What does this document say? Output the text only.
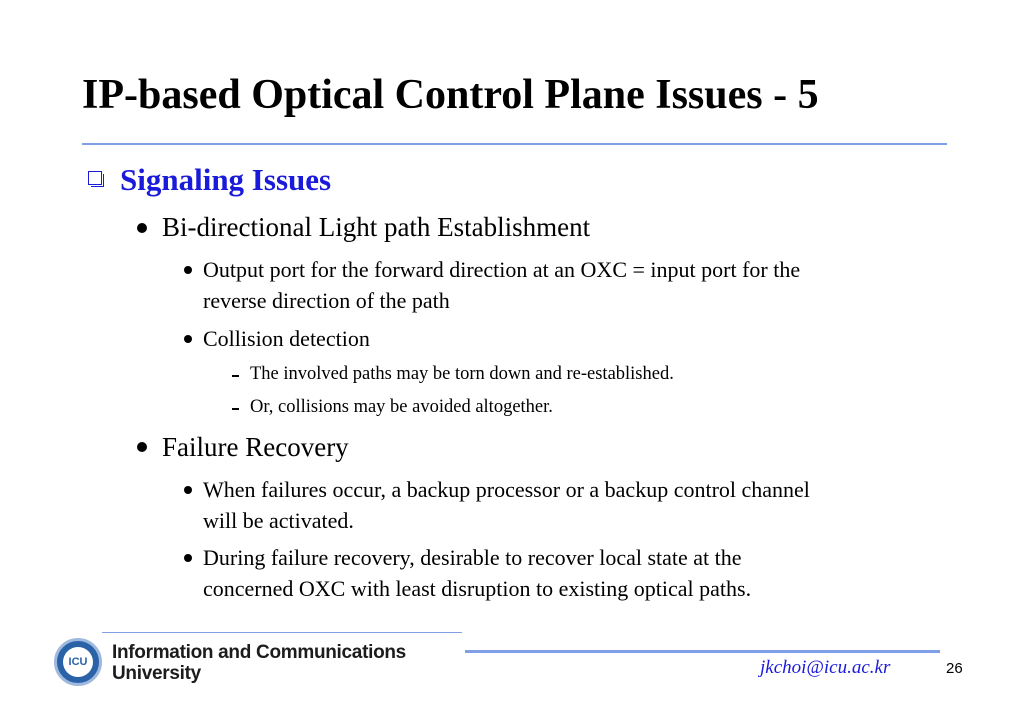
IP-based Optical Control Plane Issues - 5
Signaling Issues
Bi-directional Light path Establishment
Output port for the forward direction at an OXC = input port for the
reverse direction of the path
Collision detection
The involved paths may be torn down and re-established.
Or, collisions may be avoided altogether.
Failure Recovery
When failures occur, a backup processor or a backup control channel
will be activated.
During failure recovery, desirable to recover local state at the
concerned OXC with least disruption to existing optical paths.
ICU Information and Communications
University	jkchoi@icu.ac.kr	26
